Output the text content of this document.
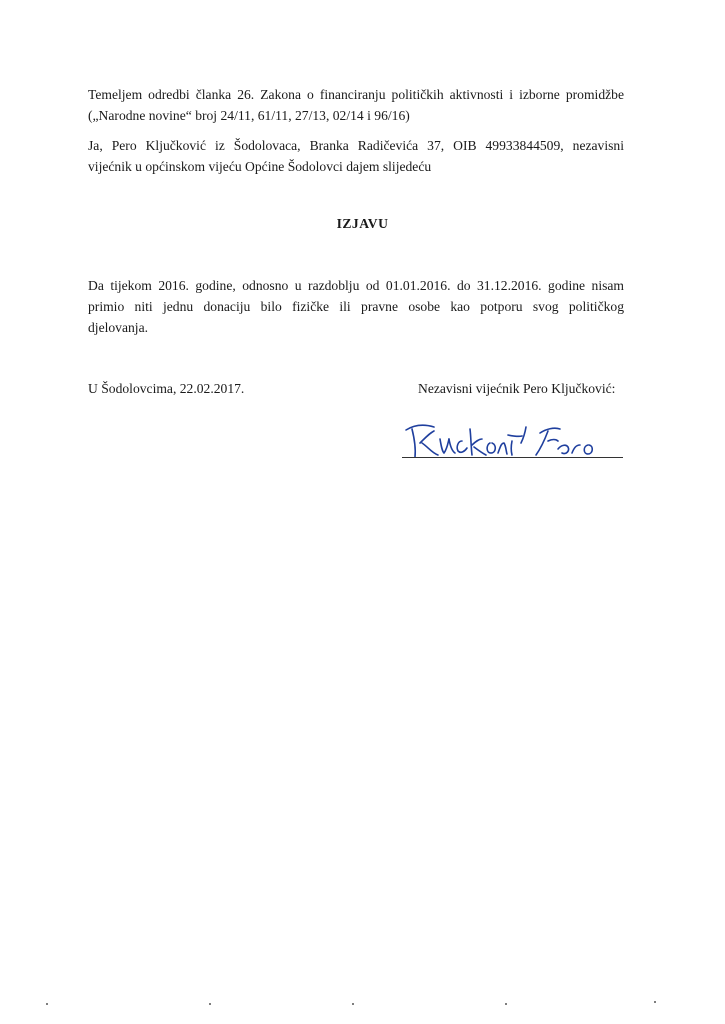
Temeljem odredbi članka 26. Zakona o financiranju političkih aktivnosti i izborne promidžbe
(„Narodne novine“ broj 24/11, 61/11, 27/13, 02/14 i 96/16)
Ja, Pero Ključković iz Šodolovaca, Branka Radičevića 37, OIB 49933844509, nezavisni
vijećnik u općinskom vijeću Općine Šodolovci dajem slijedeću
IZJAVU
Da tijekom 2016. godine, odnosno u razdoblju od 01.01.2016. do 31.12.2016. godine nisam
primio niti jednu donaciju bilo fizičke ili pravne osobe kao potporu svog političkog
djelovanja.
U Šodolovcima, 22.02.2017.	Nezavisni vijećnik Pero Ključković:
